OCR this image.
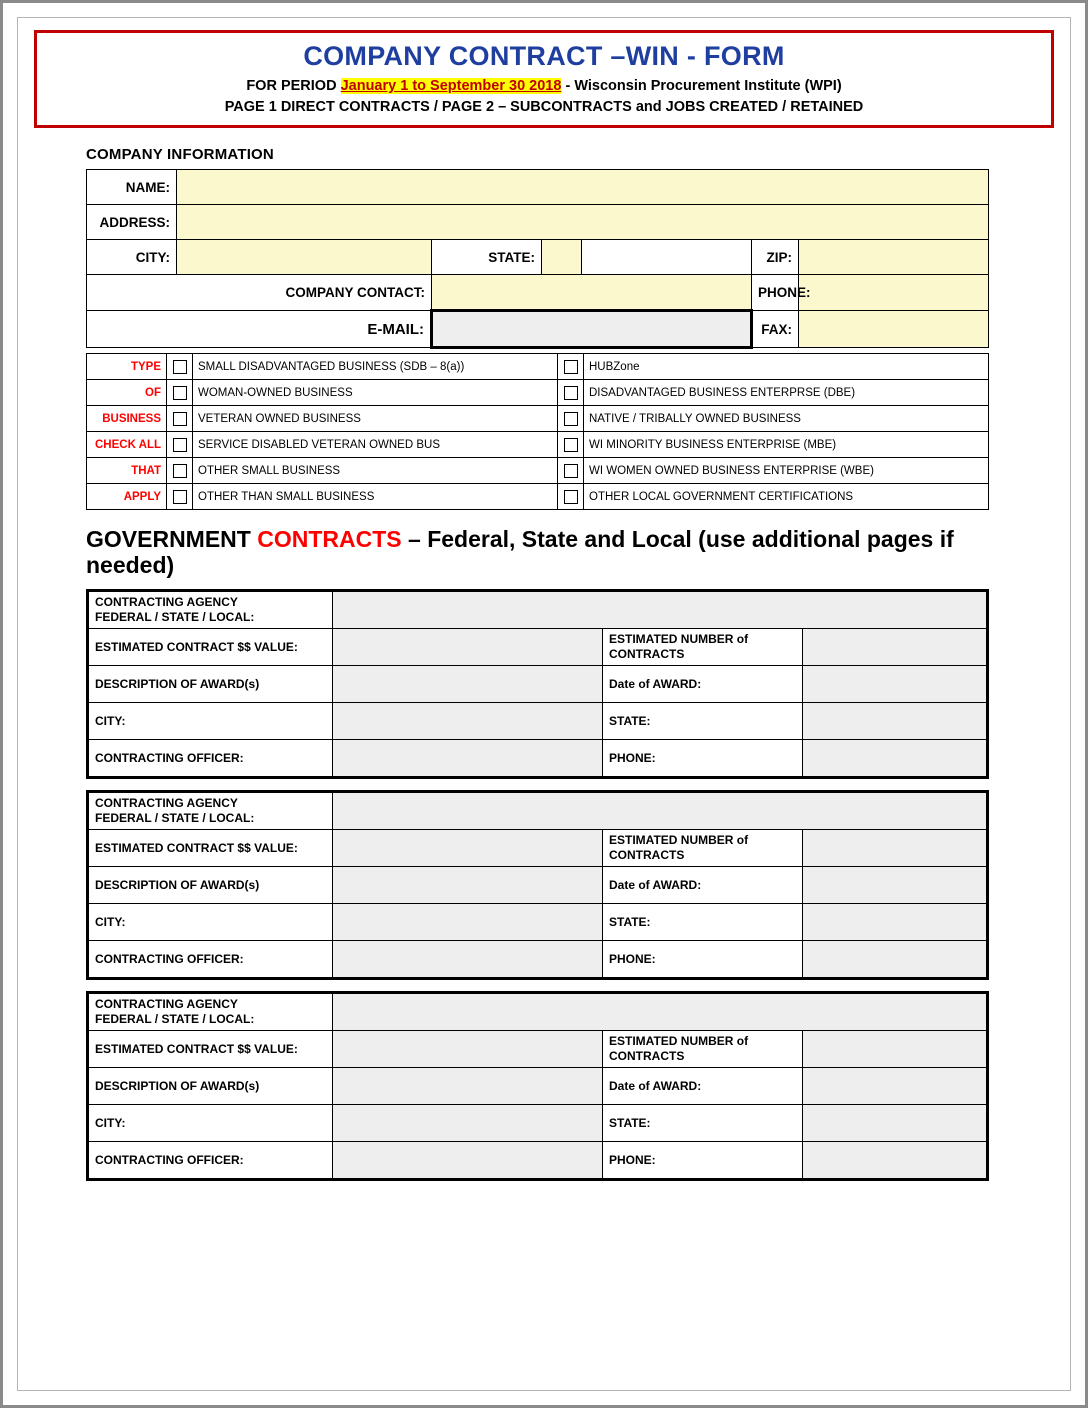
COMPANY CONTRACT –WIN - FORM
FOR PERIOD January 1 to September 30 2018 - Wisconsin Procurement Institute (WPI)
PAGE 1 DIRECT CONTRACTS / PAGE 2 – SUBCONTRACTS and JOBS CREATED / RETAINED
COMPANY INFORMATION
NAME:						
ADDRESS:						
CITY:		STATE:			ZIP:	
COMPANY CONTACT:					PHONE:	
E-MAIL:					FAX:	
TYPE		SMALL DISADVANTAGED BUSINESS (SDB – 8(a))		HUBZone
OF		WOMAN-OWNED BUSINESS		DISADVANTAGED BUSINESS ENTERPRSE (DBE)
BUSINESS		VETERAN OWNED BUSINESS		NATIVE / TRIBALLY OWNED BUSINESS
CHECK ALL		SERVICE DISABLED VETERAN OWNED BUS		WI MINORITY BUSINESS ENTERPRISE (MBE)
THAT		OTHER SMALL BUSINESS		WI WOMEN OWNED BUSINESS ENTERPRISE (WBE)
APPLY		OTHER THAN SMALL BUSINESS		OTHER LOCAL GOVERNMENT CERTIFICATIONS
GOVERNMENT CONTRACTS – Federal, State and Local (use additional pages if needed)
CONTRACTING AGENCY
FEDERAL / STATE / LOCAL:			
ESTIMATED CONTRACT $$ VALUE:		ESTIMATED NUMBER of
CONTRACTS	
DESCRIPTION OF AWARD(s)		Date of AWARD:	
CITY:		STATE:	
CONTRACTING OFFICER:		PHONE:	
CONTRACTING AGENCY
FEDERAL / STATE / LOCAL:			
ESTIMATED CONTRACT $$ VALUE:		ESTIMATED NUMBER of
CONTRACTS	
DESCRIPTION OF AWARD(s)		Date of AWARD:	
CITY:		STATE:	
CONTRACTING OFFICER:		PHONE:	
CONTRACTING AGENCY
FEDERAL / STATE / LOCAL:			
ESTIMATED CONTRACT $$ VALUE:		ESTIMATED NUMBER of
CONTRACTS	
DESCRIPTION OF AWARD(s)		Date of AWARD:	
CITY:		STATE:	
CONTRACTING OFFICER:		PHONE:	
